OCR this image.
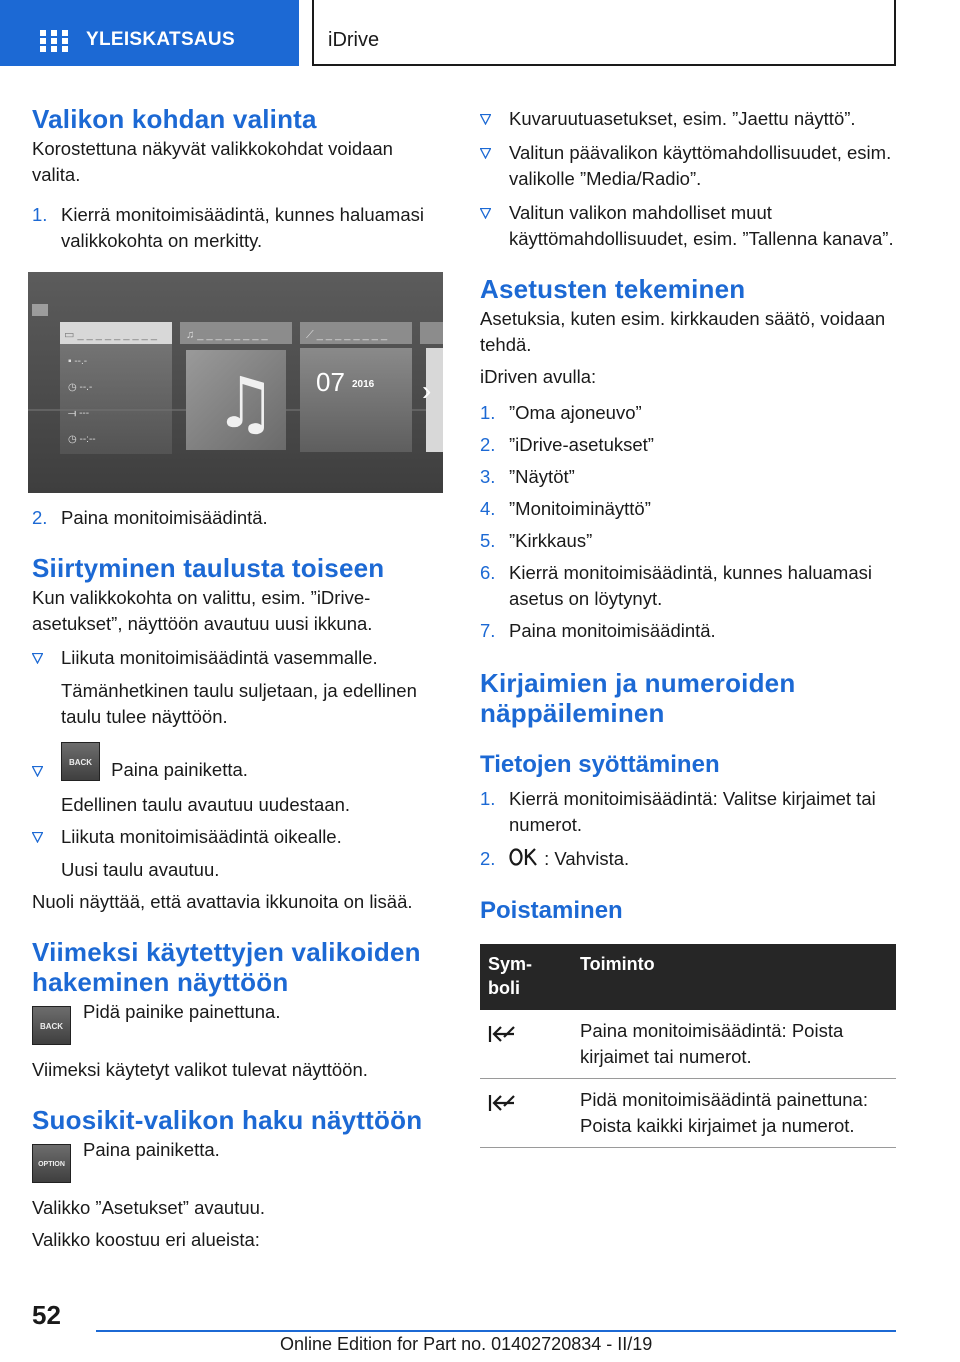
YLEISKATSAUS	iDrive
Valikon kohdan valinta

Korostettuna näkyvät valikkokohdat voidaan valita.

1. Kierrä monitoimisäädintä, kunnes haluamasi valikkokohta on merkitty.
▭ _ _ _ _ _ _ _ _ _
▪ --.-
◷ --.-
⟞ ---
◷ --:--
♫ _ _ _ _ _ _ _ _
♫
⟋ _ _ _ _ _ _ _ _
›
07 2016
2. Paina monitoimisäädintä.
Siirtyminen taulusta toiseen

Kun valikkokohta on valittu, esim. ”iDrive-asetukset”, näyttöön avautuu uusi ikkuna.

Liikuta monitoimisäädintä vasemmalle.

Tämänhetkinen taulu suljetaan, ja edellinen taulu tulee näyttöön.

BACK Paina painiketta.

Edellinen taulu avautuu uudestaan.

Liikuta monitoimisäädintä oikealle.

Uusi taulu avautuu.

Nuoli näyttää, että avattavia ikkunoita on lisää.

Viimeksi käytettyjen valikoiden hakeminen näyttöön
BACK
Pidä painike painettuna.

Viimeksi käytetyt valikot tulevat näyttöön.

Suosikit-valikon haku näyttöön
OPTION
Paina painiketta.

Valikko ”Asetukset” avautuu.

Valikko koostuu eri alueista:

Kuvaruutuasetukset, esim. ”Jaettu näyttö”.
Valitun päävalikon käyttömahdollisuudet, esim. valikolle ”Media/Radio”.
Valitun valikon mahdolliset muut käyttömahdollisuudet, esim. ”Tallenna kanava”.
Asetusten tekeminen

Asetuksia, kuten esim. kirkkauden säätö, voidaan tehdä.

iDriven avulla:

1. ”Oma ajoneuvo”
2. ”iDrive-asetukset”
3. ”Näytöt”
4. ”Monitoiminäyttö”
5. ”Kirkkaus”
6. Kierrä monitoimisäädintä, kunnes haluamasi asetus on löytynyt.
7. Paina monitoimisäädintä.
Kirjaimien ja numeroiden näppäileminen
Tietojen syöttäminen
1. Kierrä monitoimisäädintä: Valitse kirjaimet tai numerot.
2.	: Vahvista.
Poistaminen
Sym-
boli	Toiminto
	Paina monitoimisäädintä: Poista kirjaimet tai numerot.
	Pidä monitoimisäädintä painettuna: Poista kaikki kirjaimet ja numerot.
52
Online Edition for Part no. 01402720834 - II/19
